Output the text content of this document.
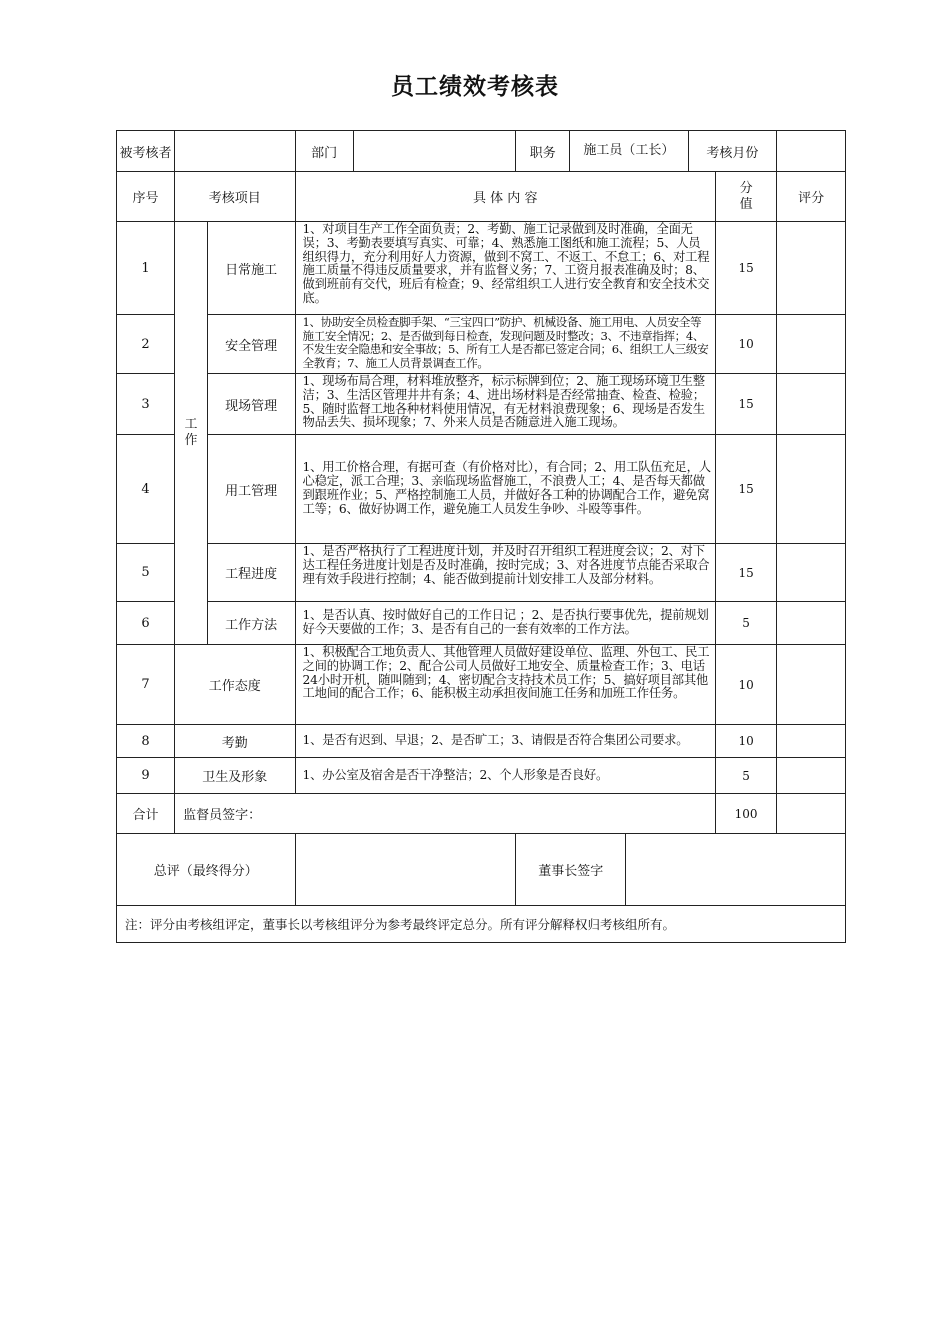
员工绩效考核表
被考核者			部门		职务	施工员（工长）		考核月份		
序号	考核项目		具 体 内 容						分值	评分
1	工作	日常施工	1、对项目生产工作全面负责；2、考勤、施工记录做到及时准确，全面无误；3、考勤表要填写真实、可靠；4、熟悉施工图纸和施工流程；5、人员组织得力，充分利用好人力资源，做到不窝工、不返工、不怠工；6、对工程施工质量不得违反质量要求，并有监督义务；7、工资月报表准确及时；8、做到班前有交代，班后有检查；9、经常组织工人进行安全教育和安全技术交底。						15	
2		安全管理	1、协助安全员检查脚手架、“三宝四口”防护、机械设备、施工用电、人员安全等施工安全情况；2、是否做到每日检查，发现问题及时整改；3、不违章指挥；4、不发生安全隐患和安全事故；5、所有工人是否都已签定合同；6、组织工人三级安全教育；7、施工人员背景调查工作。						10	
3		现场管理	1、现场布局合理，材料堆放整齐，标示标牌到位；2、施工现场环境卫生整洁；3、生活区管理井井有条；4、进出场材料是否经常抽查、检查、检验；5、随时监督工地各种材料使用情况，有无材料浪费现象；6、现场是否发生物品丢失、损坏现象；7、外来人员是否随意进入施工现场。						15	
4		用工管理	1、用工价格合理，有据可查（有价格对比），有合同；2、用工队伍充足，人心稳定，派工合理；3、亲临现场监督施工，不浪费人工；4、是否每天都做到跟班作业；5、严格控制施工人员，并做好各工种的协调配合工作，避免窝工等；6、做好协调工作，避免施工人员发生争吵、斗殴等事件。						15	
5		工程进度	1、是否严格执行了工程进度计划，并及时召开组织工程进度会议；2、对下达工程任务进度计划是否及时准确，按时完成；3、对各进度节点能否采取合理有效手段进行控制；4、能否做到提前计划安排工人及部分材料。						15	
6		工作方法	1、是否认真、按时做好自己的工作日记 ；2、是否执行要事优先，提前规划好今天要做的工作；3、是否有自己的一套有效率的工作方法。						5	
7	工作态度		1、积极配合工地负责人、其他管理人员做好建设单位、监理、外包工、民工之间的协调工作；2、配合公司人员做好工地安全、质量检查工作；3、电话24小时开机，随叫随到；4、密切配合支持技术员工作；5、搞好项目部其他工地间的配合工作；6、能积极主动承担夜间施工任务和加班工作任务。						10	
8	考勤		1、是否有迟到、早退；2、是否旷工；3、请假是否符合集团公司要求。						10	
9	卫生及形象		1、办公室及宿舍是否干净整洁；2、个人形象是否良好。						5	
合计	监督员签字：								100	
总评（最终得分）					董事长签字					
注：评分由考核组评定，董事长以考核组评分为参考最终评定总分。所有评分解释权归考核组所有。										
